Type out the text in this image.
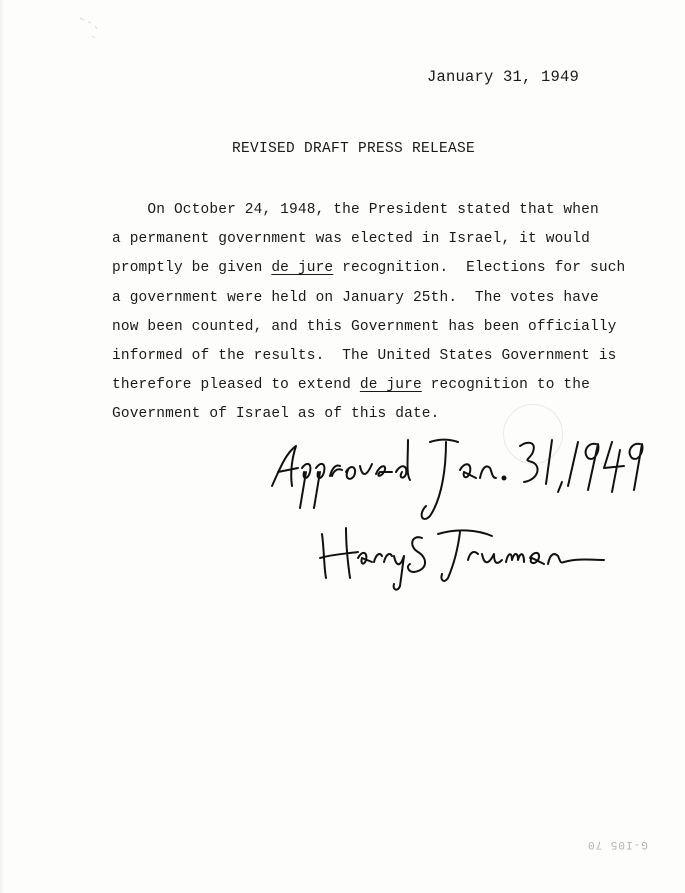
January 31, 1949
REVISED DRAFT PRESS RELEASE
On October 24, 1948, the President stated that when
a permanent government was elected in Israel, it would
promptly be given de jure recognition.  Elections for such
a government were held on January 25th.  The votes have
now been counted, and this Government has been officially
informed of the results.  The United States Government is
therefore pleased to extend de jure recognition to the
Government of Israel as of this date.
G-I05 70
